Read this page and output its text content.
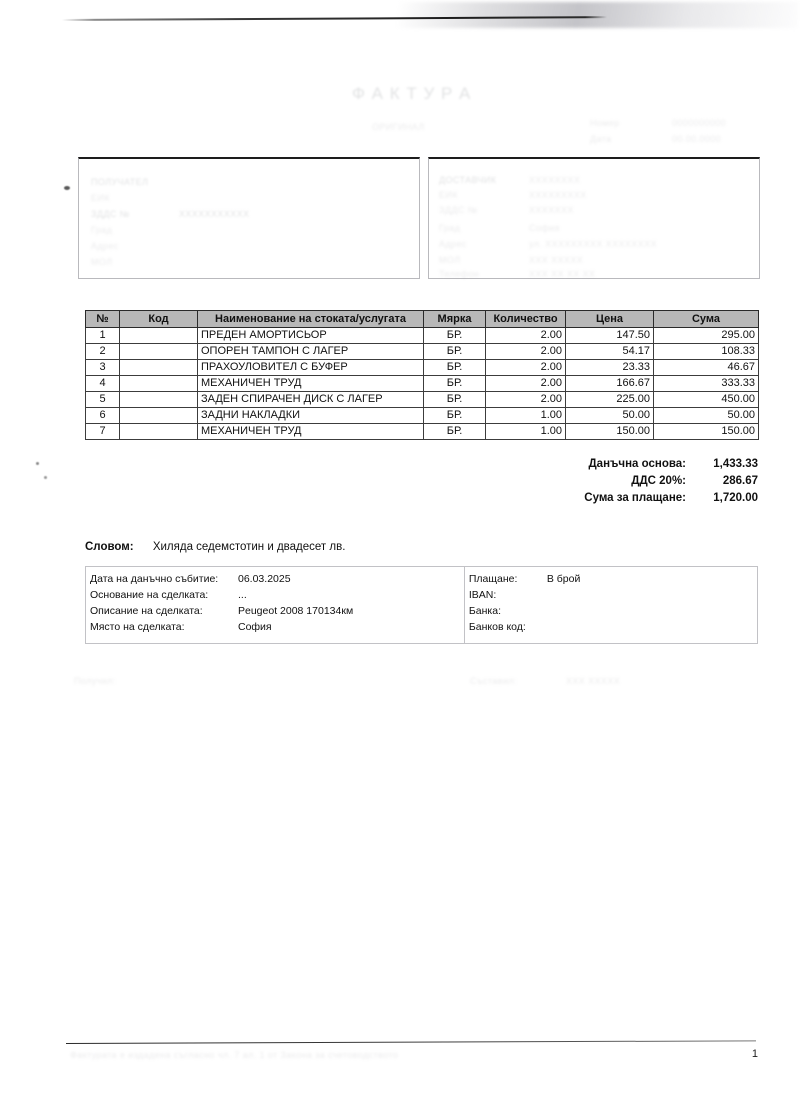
Ф А К Т У Р А
ОРИГИНАЛ	Номер	0000000000
Дата	00.00.0000
ПОЛУЧАТЕЛ
ЕИК
ЗДДС №	XXXXXXXXXXX
Град
Адрес
МОЛ
ДОСТАВЧИК	XXXXXXXX
ЕИК	XXXXXXXXX
ЗДДС №	XXXXXXX
Град	София
Адрес	ул. XXXXXXXXX XXXXXXXX
МОЛ	XXX XXXXX
Телефон	XXX XX XX XX
№	Код	Наименование на стоката/услугата	Мярка	Количество	Цена	Сума
1		ПРЕДЕН АМОРТИСЬОР	БР.	2.00	147.50	295.00
2		ОПОРЕН ТАМПОН С ЛАГЕР	БР.	2.00	54.17	108.33
3		ПРАХОУЛОВИТЕЛ С БУФЕР	БР.	2.00	23.33	46.67
4		МЕХАНИЧЕН ТРУД	БР.	2.00	166.67	333.33
5		ЗАДЕН СПИРАЧЕН ДИСК С ЛАГЕР	БР.	2.00	225.00	450.00
6		ЗАДНИ НАКЛАДКИ	БР.	1.00	50.00	50.00
7		МЕХАНИЧЕН ТРУД	БР.	1.00	150.00	150.00
Данъчна основа:	1,433.33
ДДС 20%:	286.67
Сума за плащане:	1,720.00
Словом: Хиляда седемстотин и двадесет лв.
Дата на данъчно събитие:	06.03.2025
Основание на сделката:	...
Описание на сделката:	Peugeot 2008 170134км
Място на сделката:	София
Плащане:	В брой
IBAN:
Банка:
Банков код:
Получил:	Съставил:	XXX XXXXX
Фактурата е издадена съгласно чл. 7 ал. 1 от Закона за счетоводството	1
